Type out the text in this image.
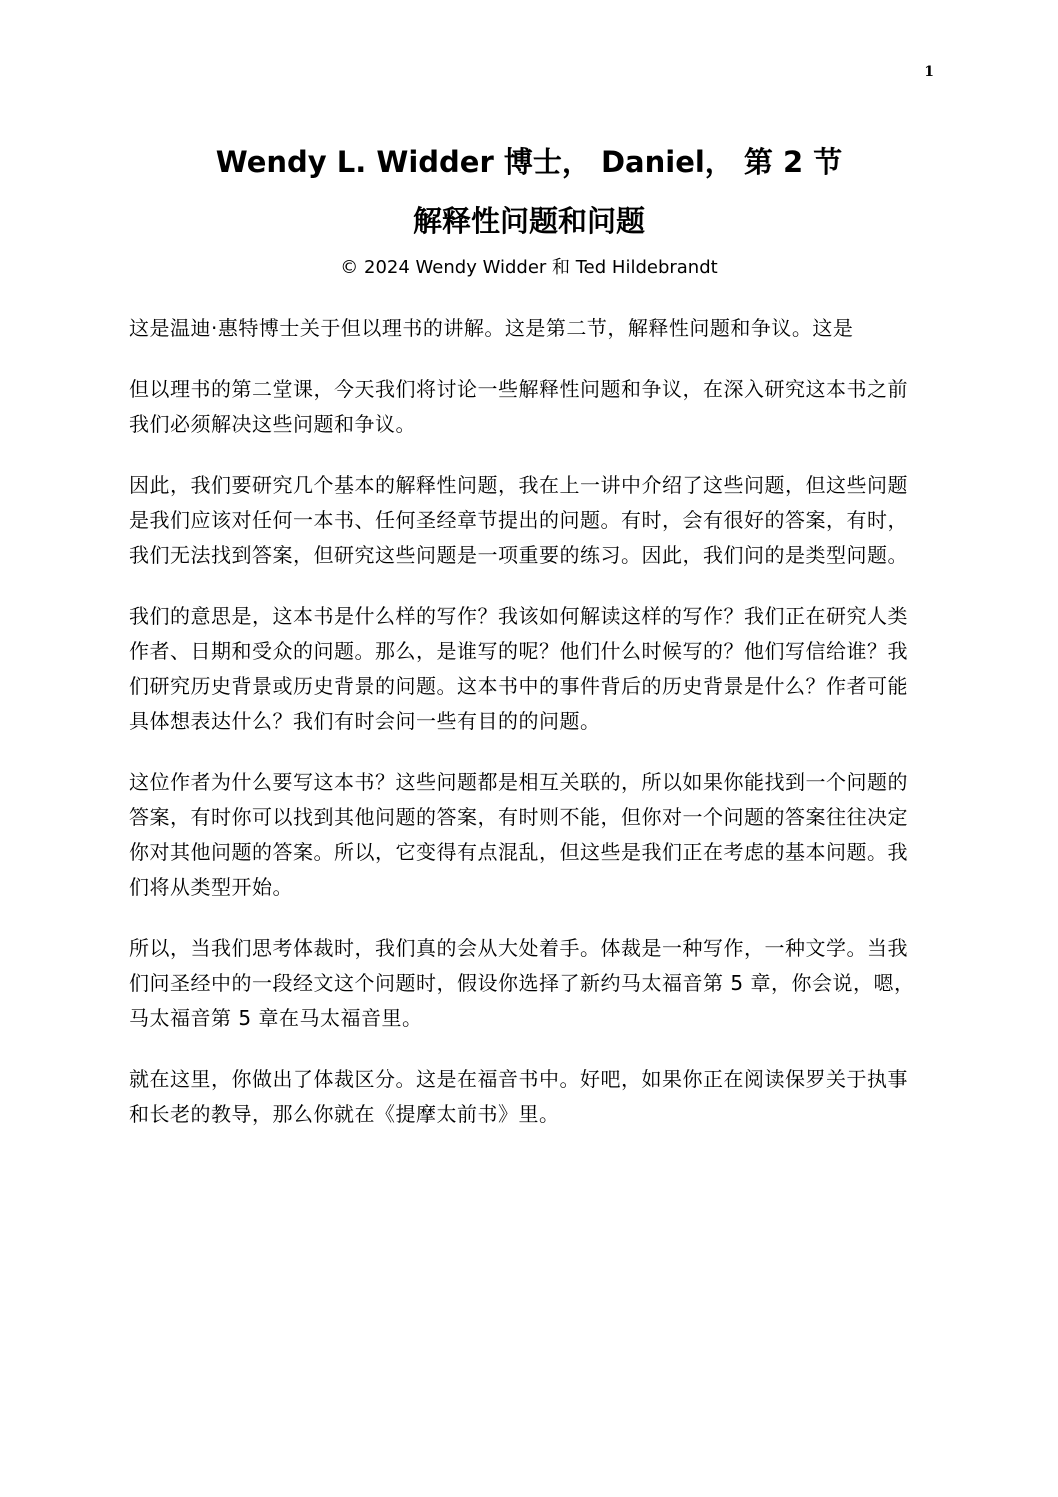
1
Wendy L. Widder 博士， Daniel， 第 2 节
解释性问题和问题
© 2024 Wendy Widder 和 Ted Hildebrandt

这是温迪·惠特博士关于但以理书的讲解。这是第二节，解释性问题和争议。这是

但以理书的第二堂课，今天我们将讨论一些解释性问题和争议，在深入研究这本书之前我们必须解决这些问题和争议。

因此，我们要研究几个基本的解释性问题，我在上一讲中介绍了这些问题，但这些问题是我们应该对任何一本书、任何圣经章节提出的问题。有时，会有很好的答案，有时，我们无法找到答案，但研究这些问题是一项重要的练习。因此，我们问的是类型问题。

我们的意思是，这本书是什么样的写作？我该如何解读这样的写作？我们正在研究人类作者、日期和受众的问题。那么，是谁写的呢？他们什么时候写的？他们写信给谁？我们研究历史背景或历史背景的问题。这本书中的事件背后的历史背景是什么？作者可能具体想表达什么？我们有时会问一些有目的的问题。

这位作者为什么要写这本书？这些问题都是相互关联的，所以如果你能找到一个问题的答案，有时你可以找到其他问题的答案，有时则不能，但你对一个问题的答案往往决定你对其他问题的答案。所以，它变得有点混乱，但这些是我们正在考虑的基本问题。我们将从类型开始。

所以，当我们思考体裁时，我们真的会从大处着手。体裁是一种写作，一种文学。当我们问圣经中的一段经文这个问题时，假设你选择了新约马太福音第 5 章，你会说，嗯，马太福音第 5 章在马太福音里。

就在这里，你做出了体裁区分。这是在福音书中。好吧，如果你正在阅读保罗关于执事和长老的教导，那么你就在《提摩太前书》里。
